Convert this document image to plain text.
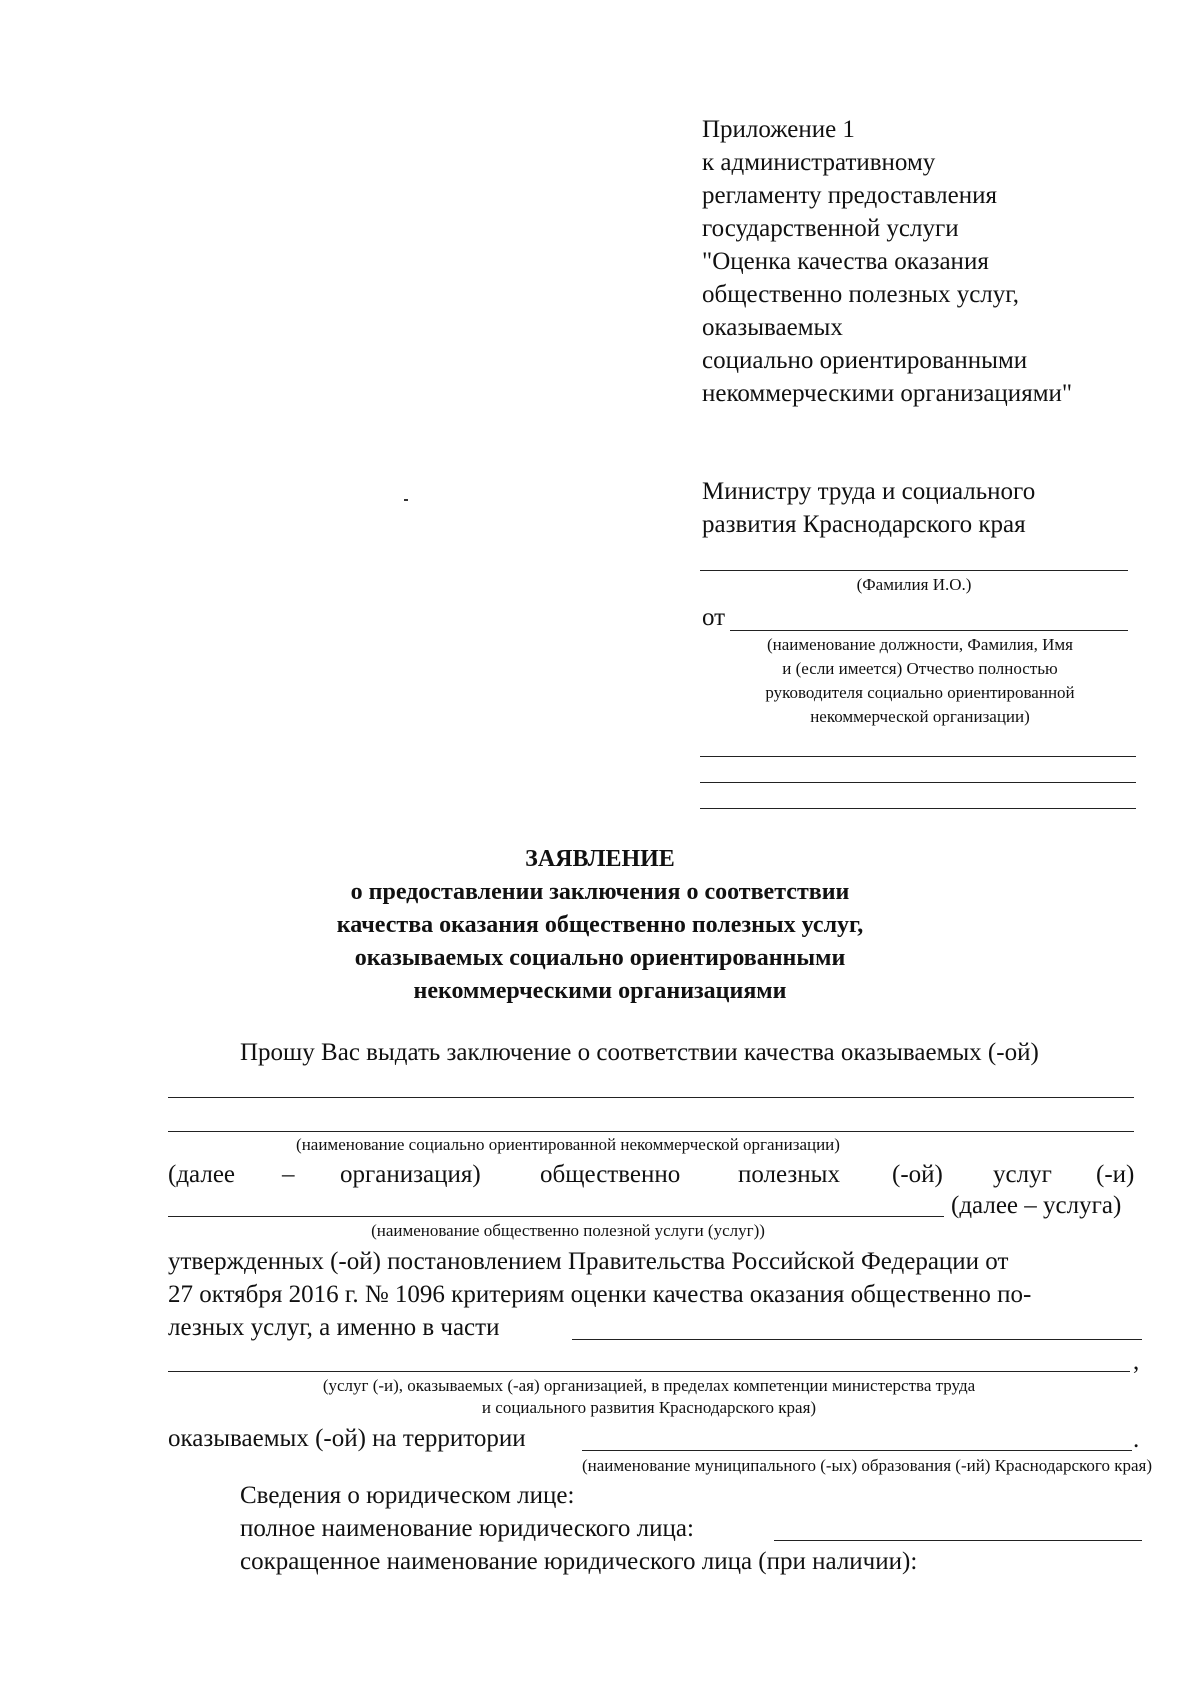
Приложение 1
к административному
регламенту предоставления
государственной услуги
"Оценка качества оказания
общественно полезных услуг,
оказываемых
социально ориентированными
некоммерческими организациями"
Министру труда и социального
развития Краснодарского края
(Фамилия И.О.)
от
(наименование должности, Фамилия, Имя
и (если имеется) Отчество полностью
руководителя социально ориентированной
некоммерческой организации)
ЗАЯВЛЕНИЕ
о предоставлении заключения о соответствии
качества оказания общественно полезных услуг,
оказываемых социально ориентированными
некоммерческими организациями
Прошу Вас выдать заключение о соответствии качества оказываемых (-ой)
(наименование социально ориентированной некоммерческой организации)
(далее – организация) общественно полезных (-ой) услуг (-и)
(далее – услуга)
(наименование общественно полезной услуги (услуг))
утвержденных (-ой) постановлением Правительства Российской Федерации от
27 октября 2016 г. № 1096 критериям оценки качества оказания общественно по-
лезных услуг, а именно в части
,
(услуг (-и), оказываемых (-ая) организацией, в пределах компетенции министерства труда
и социального развития Краснодарского края)
оказываемых (-ой) на территории	.
(наименование муниципального (-ых) образования (-ий) Краснодарского края)
Сведения о юридическом лице:
полное наименование юридического лица:
сокращенное наименование юридического лица (при наличии):
